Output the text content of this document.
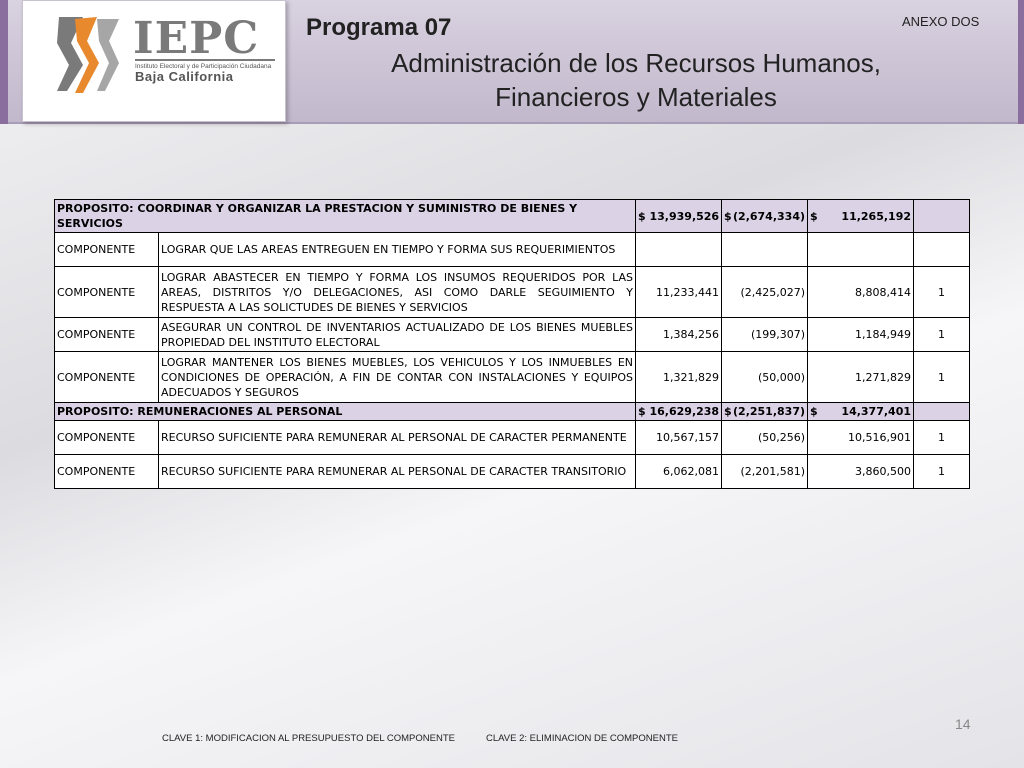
IEPC
Instituto Electoral y de Participación Ciudadana
Baja California
Programa 07
Administración de los Recursos Humanos,
Financieros y Materiales
ANEXO DOS
PROPOSITO: COORDINAR Y ORGANIZAR LA PRESTACION Y SUMINISTRO DE BIENES Y SERVICIOS		$ 13,939,526	$ (2,674,334)	$ 11,265,192	
COMPONENTE	LOGRAR QUE LAS AREAS ENTREGUEN EN TIEMPO Y FORMA SUS REQUERIMIENTOS				
COMPONENTE	LOGRAR ABASTECER EN TIEMPO Y FORMA LOS INSUMOS REQUERIDOS POR LAS AREAS, DISTRITOS Y/O DELEGACIONES, ASI COMO DARLE SEGUIMIENTO Y RESPUESTA A LAS SOLICTUDES DE BIENES Y SERVICIOS	11,233,441	(2,425,027)	8,808,414	1
COMPONENTE	ASEGURAR UN CONTROL DE INVENTARIOS ACTUALIZADO DE LOS BIENES MUEBLES PROPIEDAD DEL INSTITUTO ELECTORAL	1,384,256	(199,307)	1,184,949	1
COMPONENTE	LOGRAR MANTENER LOS BIENES MUEBLES, LOS VEHICULOS Y LOS INMUEBLES EN CONDICIONES DE OPERACIÓN, A FIN DE CONTAR CON INSTALACIONES Y EQUIPOS ADECUADOS Y SEGUROS	1,321,829	(50,000)	1,271,829	1
PROPOSITO: REMUNERACIONES AL PERSONAL		$ 16,629,238	$ (2,251,837)	$ 14,377,401	
COMPONENTE	RECURSO SUFICIENTE PARA REMUNERAR AL PERSONAL DE CARACTER PERMANENTE	10,567,157	(50,256)	10,516,901	1
COMPONENTE	RECURSO SUFICIENTE PARA REMUNERAR AL PERSONAL DE CARACTER TRANSITORIO	6,062,081	(2,201,581)	3,860,500	1
14
CLAVE 1: MODIFICACION AL PRESUPUESTO DEL COMPONENTE	CLAVE 2: ELIMINACION DE COMPONENTE
